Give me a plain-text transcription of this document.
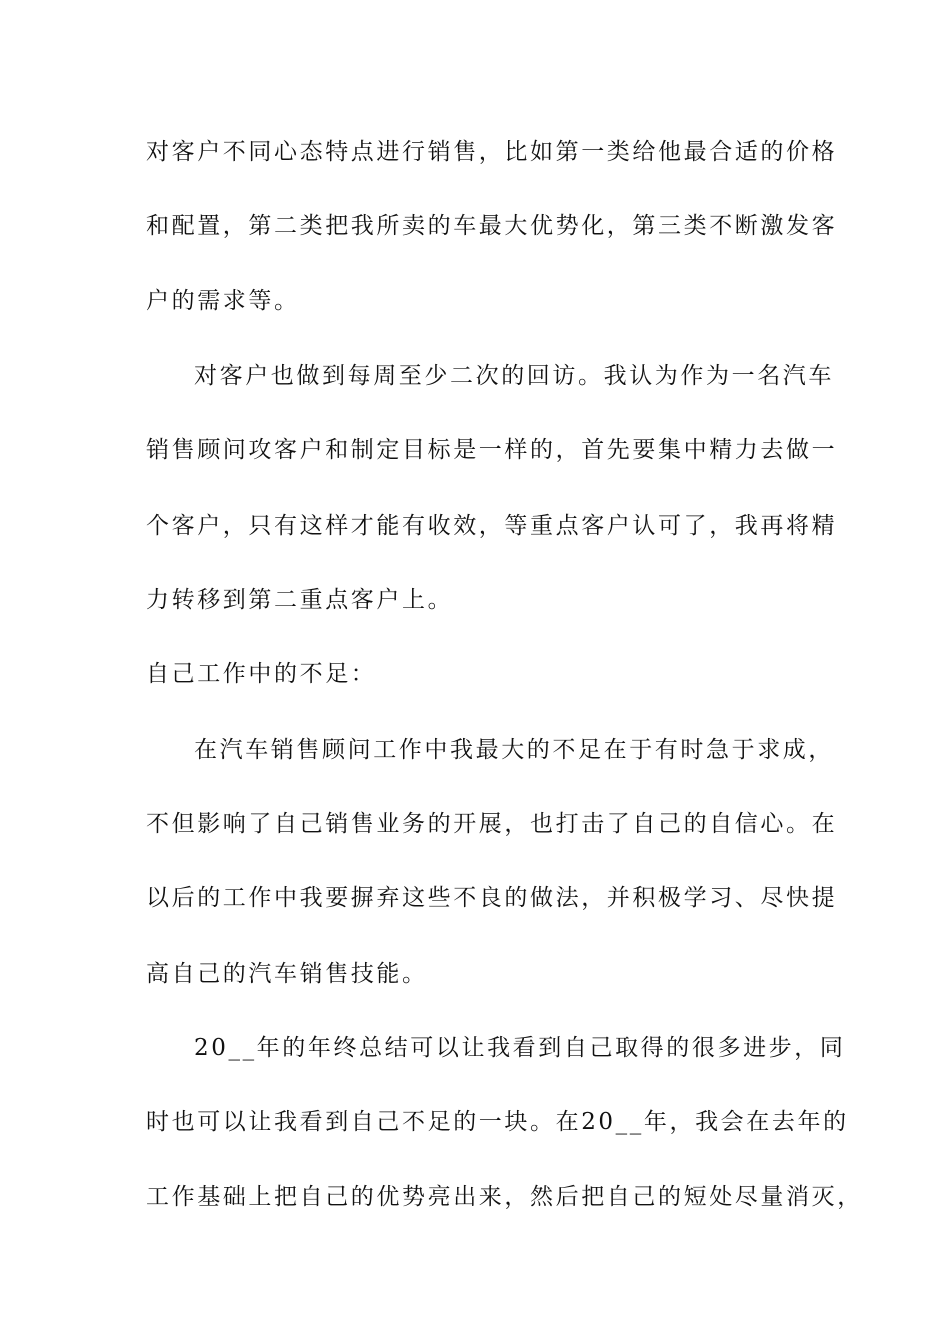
对客户不同心态特点进行销售，比如第一类给他最合适的价格
和配置，第二类把我所卖的车最大优势化，第三类不断激发客
户的需求等。
对客户也做到每周至少二次的回访。我认为作为一名汽车
销售顾问攻客户和制定目标是一样的，首先要集中精力去做一
个客户，只有这样才能有收效，等重点客户认可了，我再将精
力转移到第二重点客户上。
自己工作中的不足：
在汽车销售顾问工作中我最大的不足在于有时急于求成，
不但影响了自己销售业务的开展，也打击了自己的自信心。在
以后的工作中我要摒弃这些不良的做法，并积极学习、尽快提
高自己的汽车销售技能。
20__年的年终总结可以让我看到自己取得的很多进步，同
时也可以让我看到自己不足的一块。在20__年，我会在去年的
工作基础上把自己的优势亮出来，然后把自己的短处尽量消灭，
